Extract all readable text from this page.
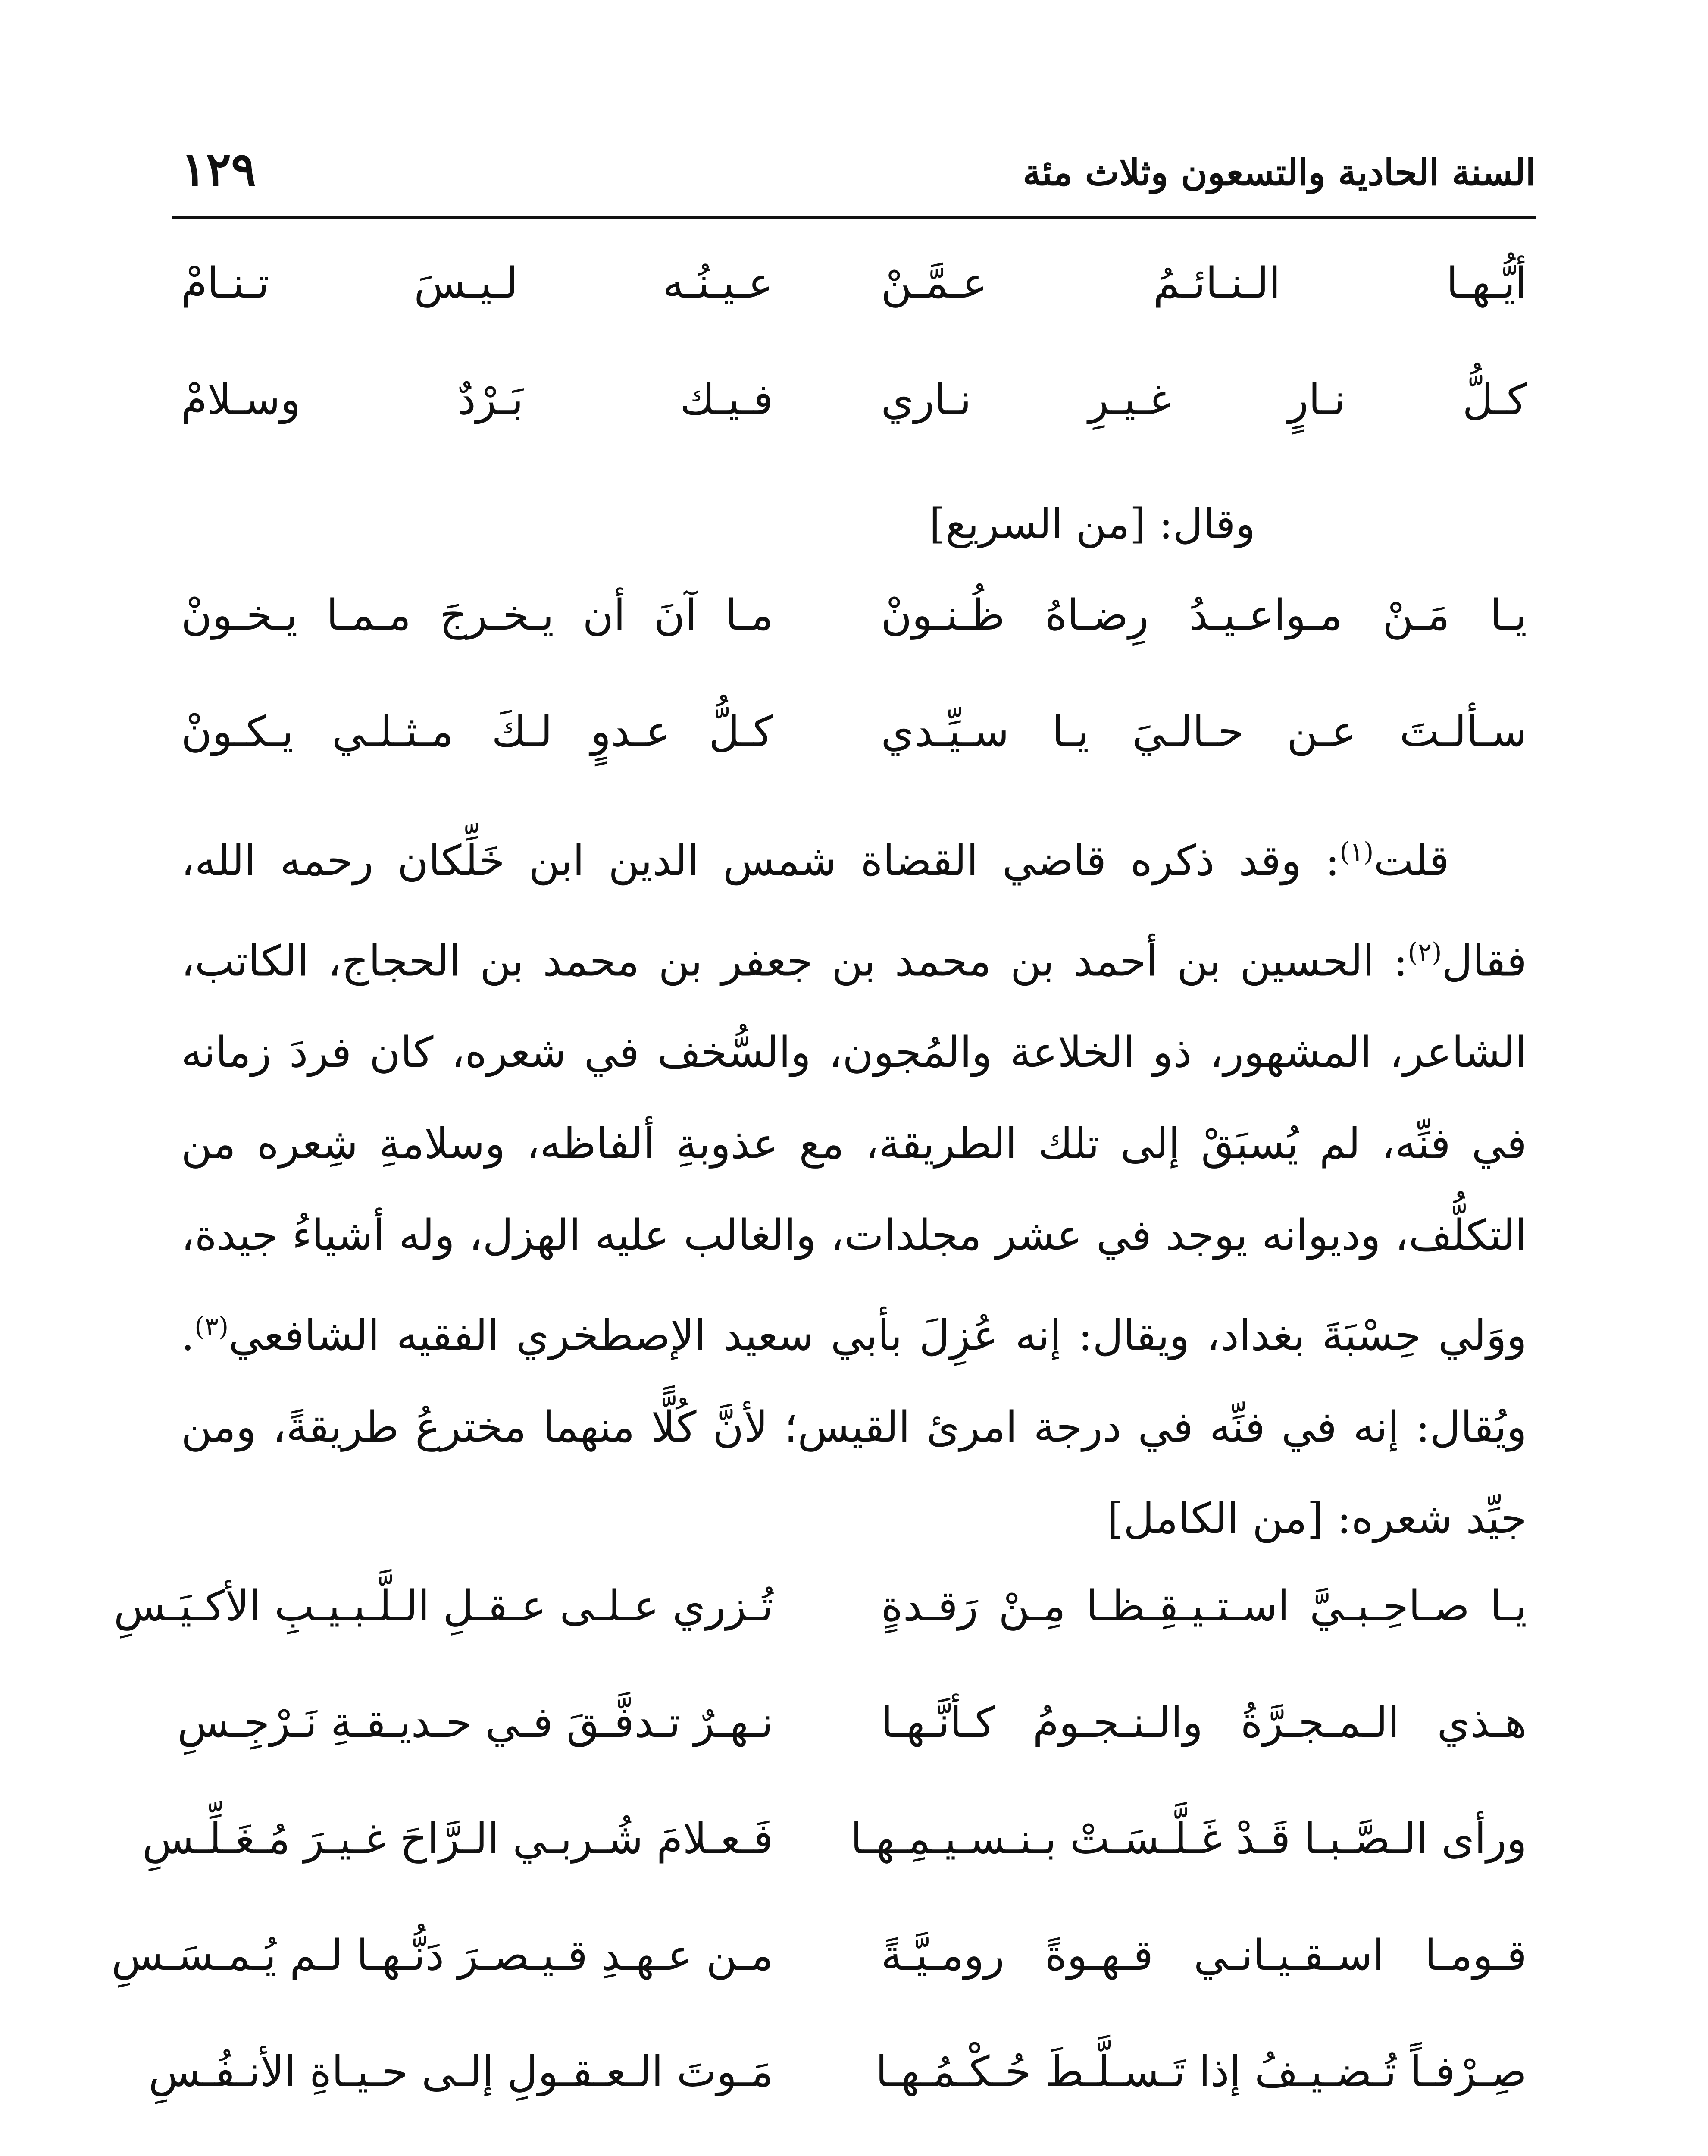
السنة الحادية والتسعون وثلاث مئة
١٢٩
أيُّـهـا الـنـائـمُ عـمَّـنْ
عـيـنُـه لـيـسَ تـنـامْ
كـلُّ نـارٍ غـيـرِ نـاري
فـيـك بَـرْدٌ وسـلامْ
وقال: [من السريع]
يـا مَـنْ مـواعـيـدُ رِضـاهُ ظُـنـونْ
مـا آنَ أن يـخـرجَ مـمـا يـخـونْ
سـألـتَ عـن حـالـيَ يـا سـيِّـدي
كـلُّ عـدوٍ لـكَ مـثـلـي يـكـونْ

قلت$^{(١)}$: وقد ذكره قاضي القضاة شمس الدين ابن خَلِّكان رحمه الله، فقال$^{(٢)}$: الحسين بن أحمد بن محمد بن جعفر بن محمد بن الحجاج، الكاتب، الشاعر، المشهور، ذو الخلاعة والمُجون، والسُّخف في شعره، كان فردَ زمانه في فنِّه، لم يُسبَقْ إلى تلك الطريقة، مع عذوبةِ ألفاظه، وسلامةِ شِعره من التكلُّف، وديوانه يوجد في عشر مجلدات، والغالب عليه الهزل، وله أشياءُ جيدة، ووَلي حِسْبَةَ بغداد، ويقال: إنه عُزِلَ بأبي سعيد الإصطخري الفقيه الشافعي$^{(٣)}$. ويُقال: إنه في فنِّه في درجة امرئ القيس؛ لأنَّ كُلًّا منهما مخترعُ طريقةً، ومن جيِّد شعره: [من الكامل]

يـا صـاحِـبـيَّ اسـتـيـقِـظـا مِـنْ رَقـدةٍ
تُـزري عـلـى عـقـلِ الـلَّـبـيـبِ الأكـيَـسِ
هـذي الـمـجـرَّةُ والـنـجـومُ كـأنَّـهـا
نـهـرٌ تـدفَّـقَ فـي حـديـقـةِ نَـرْجِـسِ
ورأى الـصَّـبـا قَـدْ غَـلَّـسَـتْ بـنـسـيـمِـهـا
فَـعـلامَ شُـربـي الـرَّاحَ غـيـرَ مُـغَـلِّـسِ
قـومـا اسـقـيـانـي قـهـوةً رومـيَّـةً
مـن عـهـدِ قـيـصـرَ دَنُّـهـا لـم يُـمـسَـسِ
صِـرْفـاً تُـضـيـفُ إذا تَـسـلَّـطَ حُـكْـمُـهـا
مَـوتَ الـعـقـولِ إلـى حـيـاةِ الأنـفُـسِ
